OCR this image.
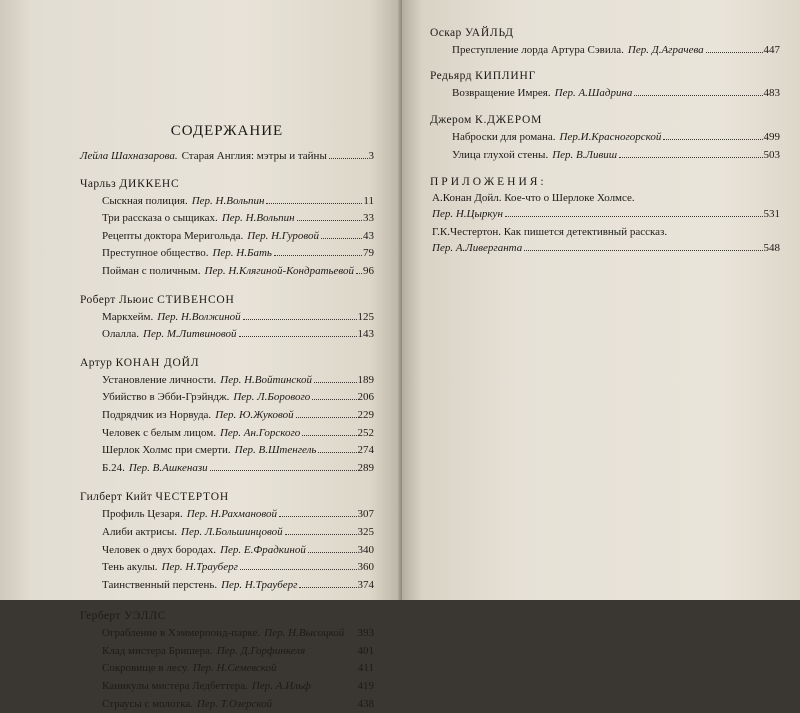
СОДЕРЖАНИЕ
Лейла Шахназарова. Старая Англия: мэтры и тайны	3
Чарльз ДИККЕНС
Сыскная полиция. Пер. Н.Вольпин	11
Три рассказа о сыщиках. Пер. Н.Вольпин	33
Рецепты доктора Меригольда. Пер. Н.Гуровой	43
Преступное общество. Пер. Н.Бать	79
Пойман с поличным. Пер. Н.Клягиной-Кондратьевой 96
Роберт Льюис СТИВЕНСОН
Маркхейм. Пер. Н.Волжиной	125
Олалла. Пер. М.Литвиновой	143
Артур КОНАН ДОЙЛ
Установление личности. Пер. Н.Войтинской	189
Убийство в Эбби-Грэйндж. Пер. Л.Борового	206
Подрядчик из Норвуда. Пер. Ю.Жуковой	229
Человек с белым лицом. Пер. Ан.Горского	252
Шерлок Холмс при смерти. Пер. В.Штенгель	274
Б.24. Пер. В.Ашкенази	289
Гилберт Кийт ЧЕСТЕРТОН
Профиль Цезаря. Пер. Н.Рахмановой	307
Алиби актрисы. Пер. Л.Большинцовой	325
Человек о двух бородах. Пер. Е.Фрадкиной	340
Тень акулы. Пер. Н.Трауберг	360
Таинственный перстень. Пер. Н.Трауберг	374
Герберт УЭЛЛС
Ограбление в Хэммерпонд-парке. Пер. Н.Высоцкой 393
Клад мистера Бришера. Пер. Д.Горфинкеля	401
Сокровище в лесу. Пер. Н.Семевской	411
Каникулы мистера Ледбеттера. Пер. А.Ильф	419
Страусы с молотка. Пер. Т.Озерской	438
Оскар УАЙЛЬД
Преступление лорда Артура Сэвила. Пер. Д.Аграчева	447
Редьярд КИПЛИНГ
Возвращение Имрея. Пер. А.Шадрина	483
Джером К.ДЖЕРОМ
Наброски для романа. Пер.И.Красногорской	499
Улица глухой стены. Пер. В.Ливиш	503
ПРИЛОЖЕНИЯ:
А.Конан Дойл. Кое-что о Шерлоке Холмсе.
Пер. Н.Цыркун	531
Г.К.Честертон. Как пишется детективный рассказ.
Пер. А.Ливерганта	548
